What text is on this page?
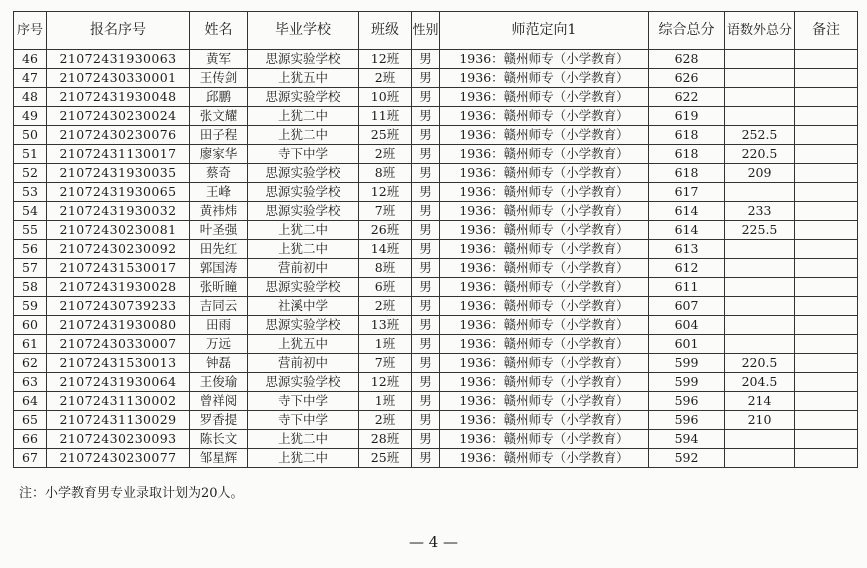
序号	报名序号	姓名	毕业学校	班级	性别	师范定向1	综合总分	语数外总分	备注
46	21072431930063	黄军	思源实验学校	12班	男	1936：赣州师专（小学教育）	628		
47	21072430330001	王传剑	上犹五中	2班	男	1936：赣州师专（小学教育）	626		
48	21072431930048	邱鹏	思源实验学校	10班	男	1936：赣州师专（小学教育）	622		
49	21072430230024	张文耀	上犹二中	11班	男	1936：赣州师专（小学教育）	619		
50	21072430230076	田子程	上犹二中	25班	男	1936：赣州师专（小学教育）	618	252.5	
51	21072431130017	廖家华	寺下中学	2班	男	1936：赣州师专（小学教育）	618	220.5	
52	21072431930035	蔡奇	思源实验学校	8班	男	1936：赣州师专（小学教育）	618	209	
53	21072431930065	王峰	思源实验学校	12班	男	1936：赣州师专（小学教育）	617		
54	21072431930032	黄祎炜	思源实验学校	7班	男	1936：赣州师专（小学教育）	614	233	
55	21072430230081	叶圣强	上犹二中	26班	男	1936：赣州师专（小学教育）	614	225.5	
56	21072430230092	田先红	上犹二中	14班	男	1936：赣州师专（小学教育）	613		
57	21072431530017	郭国涛	营前初中	8班	男	1936：赣州师专（小学教育）	612		
58	21072431930028	张昕瞳	思源实验学校	6班	男	1936：赣州师专（小学教育）	611		
59	21072430739233	吉同云	社溪中学	2班	男	1936：赣州师专（小学教育）	607		
60	21072431930080	田雨	思源实验学校	13班	男	1936：赣州师专（小学教育）	604		
61	21072430330007	万远	上犹五中	1班	男	1936：赣州师专（小学教育）	601		
62	21072431530013	钟磊	营前初中	7班	男	1936：赣州师专（小学教育）	599	220.5	
63	21072431930064	王俊瑜	思源实验学校	12班	男	1936：赣州师专（小学教育）	599	204.5	
64	21072431130002	曾祥阅	寺下中学	1班	男	1936：赣州师专（小学教育）	596	214	
65	21072431130029	罗香提	寺下中学	2班	男	1936：赣州师专（小学教育）	596	210	
66	21072430230093	陈长文	上犹二中	28班	男	1936：赣州师专（小学教育）	594		
67	21072430230077	邹星辉	上犹二中	25班	男	1936：赣州师专（小学教育）	592		
注：小学教育男专业录取计划为20人。
— 4 —
